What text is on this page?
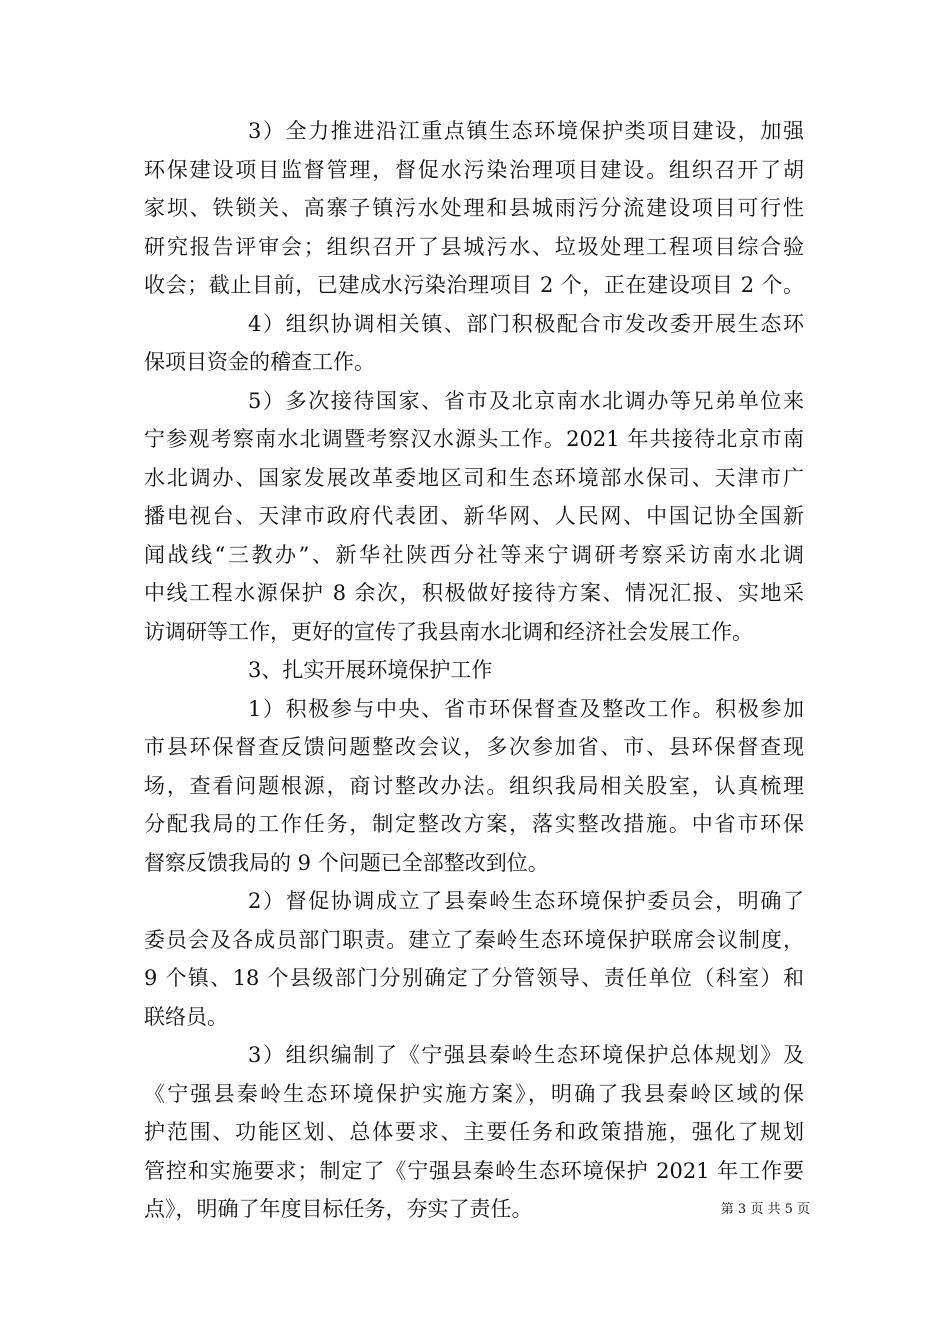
3）全力推进沿江重点镇生态环境保护类项目建设，加强
环保建设项目监督管理，督促水污染治理项目建设。组织召开了胡
家坝、铁锁关、高寨子镇污水处理和县城雨污分流建设项目可行性
研究报告评审会；组织召开了县城污水、垃圾处理工程项目综合验
收会；截止目前，已建成水污染治理项目 2 个，正在建设项目 2 个。
4）组织协调相关镇、部门积极配合市发改委开展生态环
保项目资金的稽查工作。
5）多次接待国家、省市及北京南水北调办等兄弟单位来
宁参观考察南水北调暨考察汉水源头工作。2021 年共接待北京市南
水北调办、国家发展改革委地区司和生态环境部水保司、天津市广
播电视台、天津市政府代表团、新华网、人民网、中国记协全国新
闻战线“三教办”、新华社陕西分社等来宁调研考察采访南水北调
中线工程水源保护 8 余次，积极做好接待方案、情况汇报、实地采
访调研等工作，更好的宣传了我县南水北调和经济社会发展工作。
3、扎实开展环境保护工作
1）积极参与中央、省市环保督查及整改工作。积极参加
市县环保督查反馈问题整改会议，多次参加省、市、县环保督查现
场，查看问题根源，商讨整改办法。组织我局相关股室，认真梳理
分配我局的工作任务，制定整改方案，落实整改措施。中省市环保
督察反馈我局的 9 个问题已全部整改到位。
2）督促协调成立了县秦岭生态环境保护委员会，明确了
委员会及各成员部门职责。建立了秦岭生态环境保护联席会议制度，
9 个镇、18 个县级部门分别确定了分管领导、责任单位（科室）和
联络员。
3）组织编制了《宁强县秦岭生态环境保护总体规划》及
《宁强县秦岭生态环境保护实施方案》，明确了我县秦岭区域的保
护范围、功能区划、总体要求、主要任务和政策措施，强化了规划
管控和实施要求；制定了《宁强县秦岭生态环境保护 2021 年工作要
点》，明确了年度目标任务，夯实了责任。	第 3 页 共 5 页
